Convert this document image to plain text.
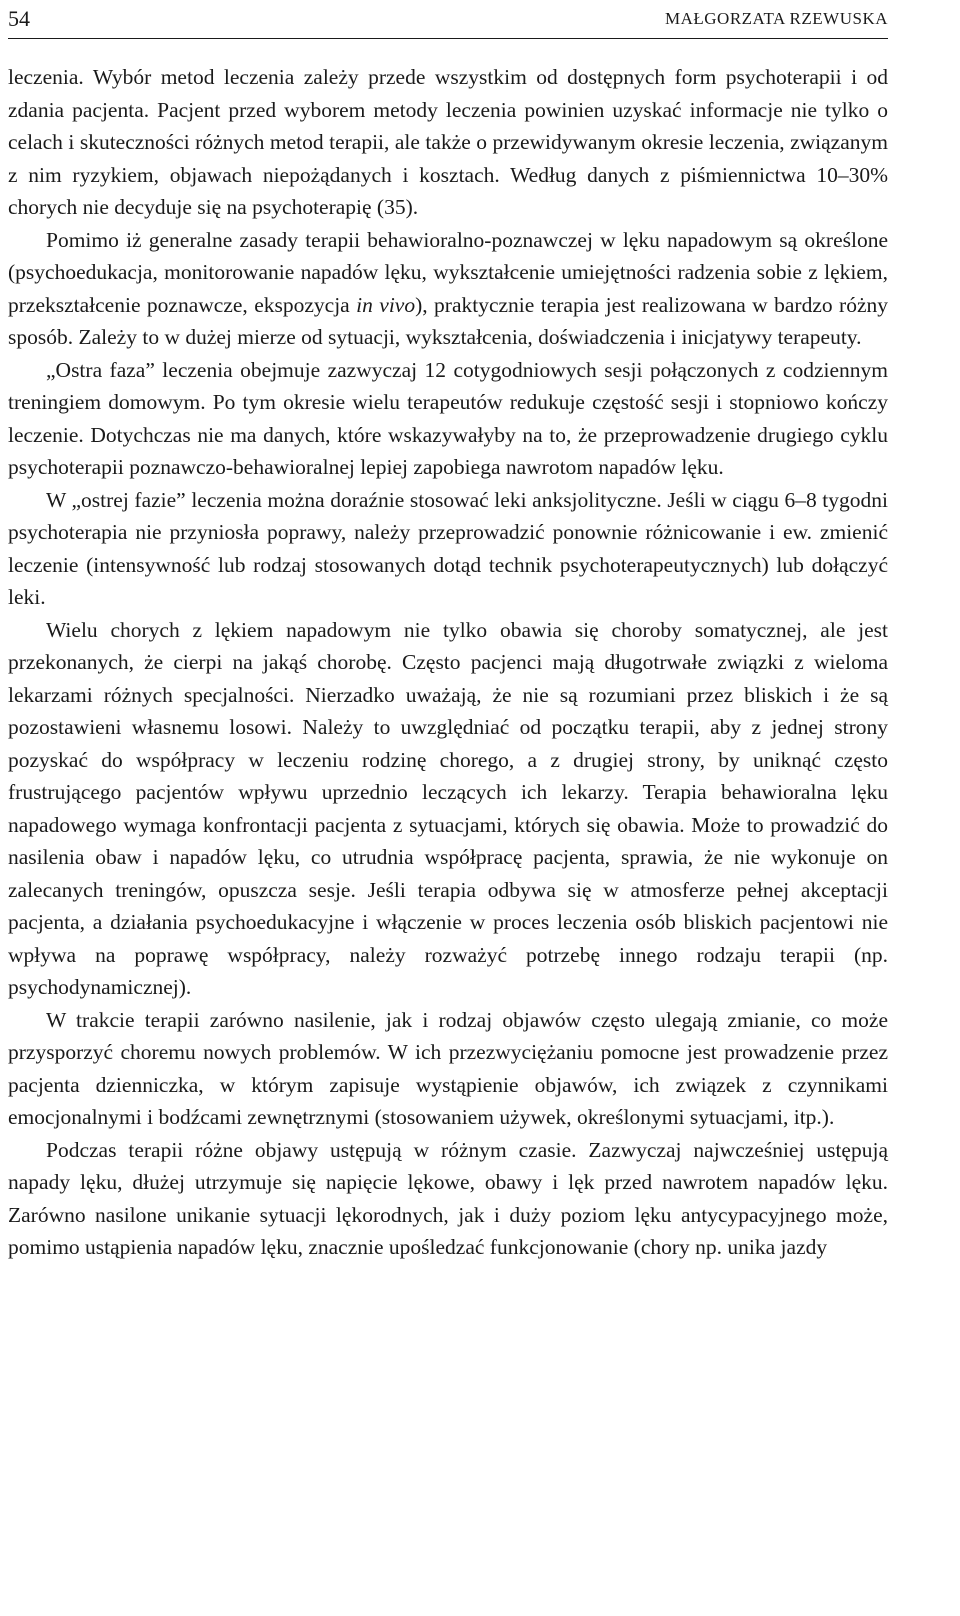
54	MAŁGORZATA RZEWUSKA

leczenia. Wybór metod leczenia zależy przede wszystkim od dostępnych form psychoterapii i od zdania pacjenta. Pacjent przed wyborem metody leczenia powinien uzyskać informacje nie tylko o celach i skuteczności różnych metod terapii, ale także o przewidywanym okresie leczenia, związanym z nim ryzykiem, objawach niepożądanych i kosztach. Według danych z piśmiennictwa 10–30% chorych nie decyduje się na psychoterapię (35).

Pomimo iż generalne zasady terapii behawioralno-poznawczej w lęku napadowym są określone (psychoedukacja, monitorowanie napadów lęku, wykształcenie umiejętności radzenia sobie z lękiem, przekształcenie poznawcze, ekspozycja in vivo), praktycznie terapia jest realizowana w bardzo różny sposób. Zależy to w dużej mierze od sytuacji, wykształcenia, doświadczenia i inicjatywy terapeuty.

„Ostra faza” leczenia obejmuje zazwyczaj 12 cotygodniowych sesji połączonych z codziennym treningiem domowym. Po tym okresie wielu terapeutów redukuje częstość sesji i stopniowo kończy leczenie. Dotychczas nie ma danych, które wskazywałyby na to, że przeprowadzenie drugiego cyklu psychoterapii poznawczo-behawioralnej lepiej zapobiega nawrotom napadów lęku.

W „ostrej fazie” leczenia można doraźnie stosować leki anksjolityczne. Jeśli w ciągu 6–8 tygodni psychoterapia nie przyniosła poprawy, należy przeprowadzić ponownie różnicowanie i ew. zmienić leczenie (intensywność lub rodzaj stosowanych dotąd technik psychoterapeutycznych) lub dołączyć leki.

Wielu chorych z lękiem napadowym nie tylko obawia się choroby somatycznej, ale jest przekonanych, że cierpi na jakąś chorobę. Często pacjenci mają długotrwałe związki z wieloma lekarzami różnych specjalności. Nierzadko uważają, że nie są rozumiani przez bliskich i że są pozostawieni własnemu losowi. Należy to uwzględniać od początku terapii, aby z jednej strony pozyskać do współpracy w leczeniu rodzinę chorego, a z drugiej strony, by uniknąć często frustrującego pacjentów wpływu uprzednio leczących ich lekarzy. Terapia behawioralna lęku napadowego wymaga konfrontacji pacjenta z sytuacjami, których się obawia. Może to prowadzić do nasilenia obaw i napadów lęku, co utrudnia współpracę pacjenta, sprawia, że nie wykonuje on zalecanych treningów, opuszcza sesje. Jeśli terapia odbywa się w atmosferze pełnej akceptacji pacjenta, a działania psychoedukacyjne i włączenie w proces leczenia osób bliskich pacjentowi nie wpływa na poprawę współpracy, należy rozważyć potrzebę innego rodzaju terapii (np. psychodynamicznej).

W trakcie terapii zarówno nasilenie, jak i rodzaj objawów często ulegają zmianie, co może przysporzyć choremu nowych problemów. W ich przezwyciężaniu pomocne jest prowadzenie przez pacjenta dzienniczka, w którym zapisuje wystąpienie objawów, ich związek z czynnikami emocjonalnymi i bodźcami zewnętrznymi (stosowaniem używek, określonymi sytuacjami, itp.).

Podczas terapii różne objawy ustępują w różnym czasie. Zazwyczaj najwcześniej ustępują napady lęku, dłużej utrzymuje się napięcie lękowe, obawy i lęk przed nawrotem napadów lęku. Zarówno nasilone unikanie sytuacji lękorodnych, jak i duży poziom lęku antycypacyjnego może, pomimo ustąpienia napadów lęku, znacznie upośledzać funkcjonowanie (chory np. unika jazdy
